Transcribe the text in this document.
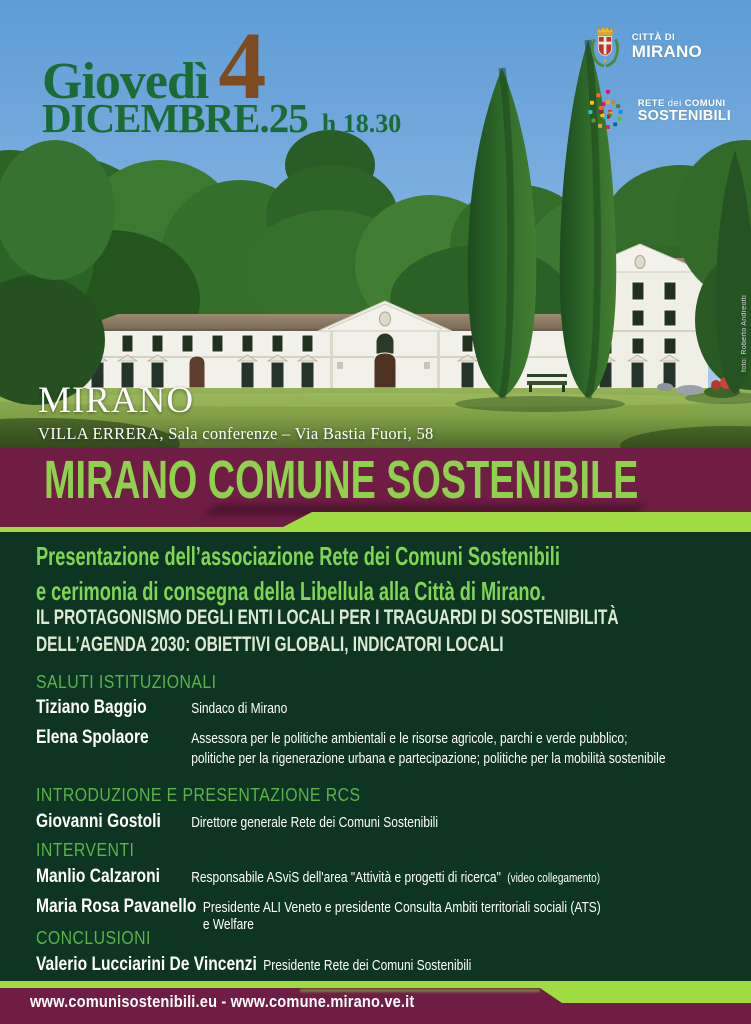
Giovedì 4
DICEMBRE.25 h 18.30
CITTÀ DI
MIRANO
RETE dei COMUNI
SOSTENIBILI
MIRANO
VILLA ERRERA, Sala conferenze – Via Bastia Fuori, 58
foto: Roberto Andreotti
MIRANO COMUNE SOSTENIBILE
Presentazione dell’associazione Rete dei Comuni Sostenibili
e cerimonia di consegna della Libellula alla Città di Mirano.
IL PROTAGONISMO DEGLI ENTI LOCALI PER I TRAGUARDI DI SOSTENIBILITÀ
DELL’AGENDA 2030: OBIETTIVI GLOBALI, INDICATORI LOCALI
SALUTI ISTITUZIONALI
Tiziano Baggio	Sindaco di Mirano
Elena Spolaore	Assessora per le politiche ambientali e le risorse agricole, parchi e verde pubblico;
politiche per la rigenerazione urbana e partecipazione; politiche per la mobilità sostenibile
INTRODUZIONE E PRESENTAZIONE RCS
Giovanni Gostoli	Direttore generale Rete dei Comuni Sostenibili
INTERVENTI
Manlio Calzaroni	Responsabile ASviS dell'area "Attività e progetti di ricerca" (video collegamento)
Maria Rosa Pavanello Presidente ALI Veneto e presidente Consulta Ambiti territoriali sociali (ATS) e Welfare
CONCLUSIONI
Valerio Lucciarini De Vincenzi Presidente Rete dei Comuni Sostenibili
www.comunisostenibili.eu - www.comune.mirano.ve.it
